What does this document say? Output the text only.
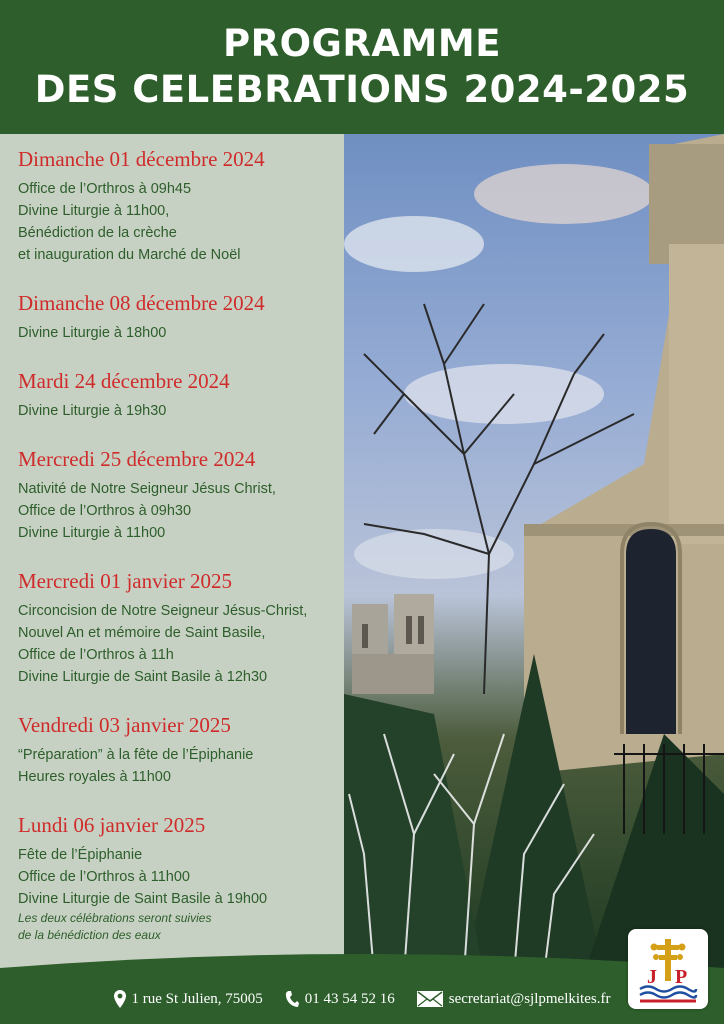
PROGRAMME
DES CELEBRATIONS 2024-2025
Dimanche 01 décembre 2024
Office de l’Orthros à 09h45
Divine Liturgie à 11h00,
Bénédiction de la crèche
et inauguration du Marché de Noël
Dimanche 08 décembre 2024
Divine Liturgie à 18h00
Mardi 24 décembre 2024
Divine Liturgie à 19h30
Mercredi 25 décembre 2024
Nativité de Notre Seigneur Jésus Christ,
Office de l’Orthros à 09h30
Divine Liturgie à 11h00
Mercredi 01 janvier 2025
Circoncision de Notre Seigneur Jésus-Christ,
Nouvel An et mémoire de Saint Basile,
Office de l’Orthros à 11h
Divine Liturgie de Saint Basile à 12h30
Vendredi 03 janvier 2025
“Préparation” à la fête de l’Épiphanie
Heures royales à 11h00
Lundi 06 janvier 2025
Fête de l’Épiphanie
Office de l’Orthros à 11h00
Divine Liturgie de Saint Basile à 19h00
Les deux célébrations seront suivies
de la bénédiction des eaux
1 rue St Julien, 75005	01 43 54 52 16	secretariat@sjlpmelkites.fr
J P
